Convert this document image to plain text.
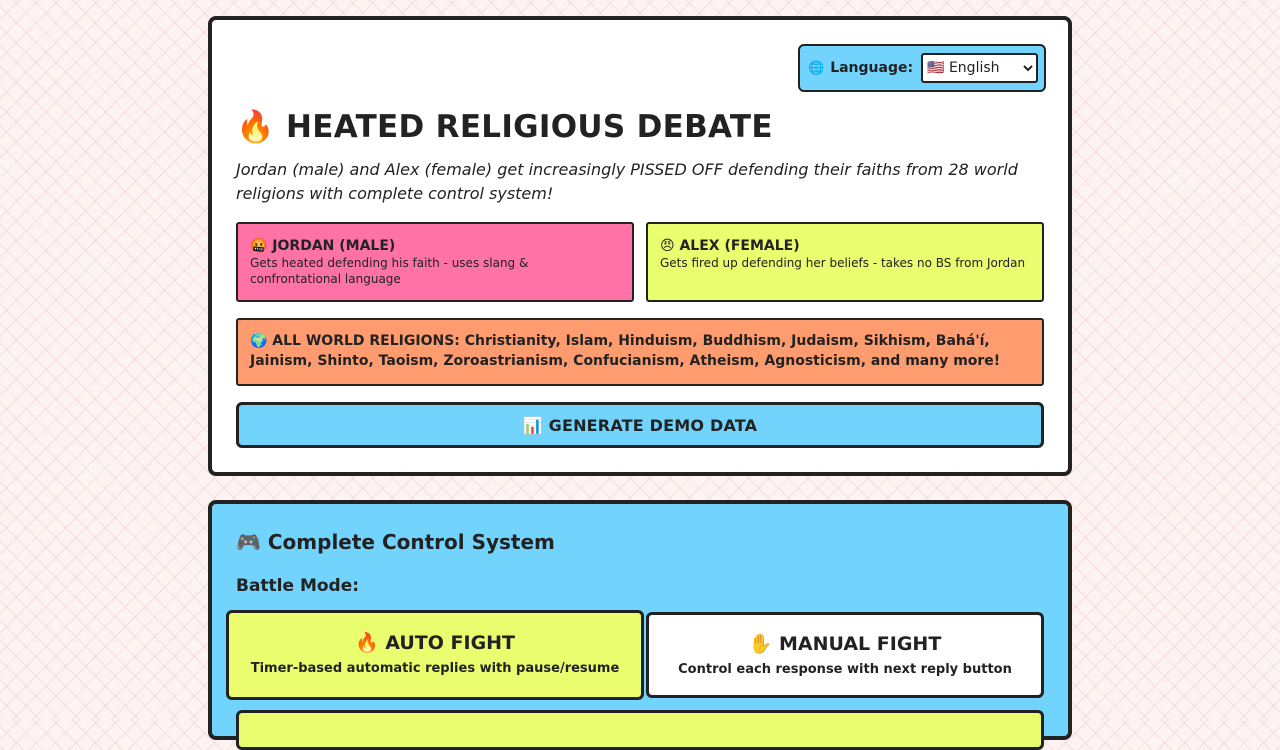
🌐 Language:
🇺🇸 English
🔥 HEATED RELIGIOUS DEBATE

Jordan (male) and Alex (female) get increasingly PISSED OFF defending their faiths from 28 world religions with complete control system!

🤬 JORDAN (MALE)
Gets heated defending his faith - uses slang & confrontational language
😠 ALEX (FEMALE)
Gets fired up defending her beliefs - takes no BS from Jordan
🌍 ALL WORLD RELIGIONS: Christianity, Islam, Hinduism, Buddhism, Judaism, Sikhism, Bahá'í, Jainism, Shinto, Taoism, Zoroastrianism, Confucianism, Atheism, Agnosticism, and many more!
📊 GENERATE DEMO DATA
🎮 Complete Control System
Battle Mode:
🔥 AUTO FIGHT
Timer-based automatic replies with pause/resume
✋ MANUAL FIGHT
Control each response with next reply button
